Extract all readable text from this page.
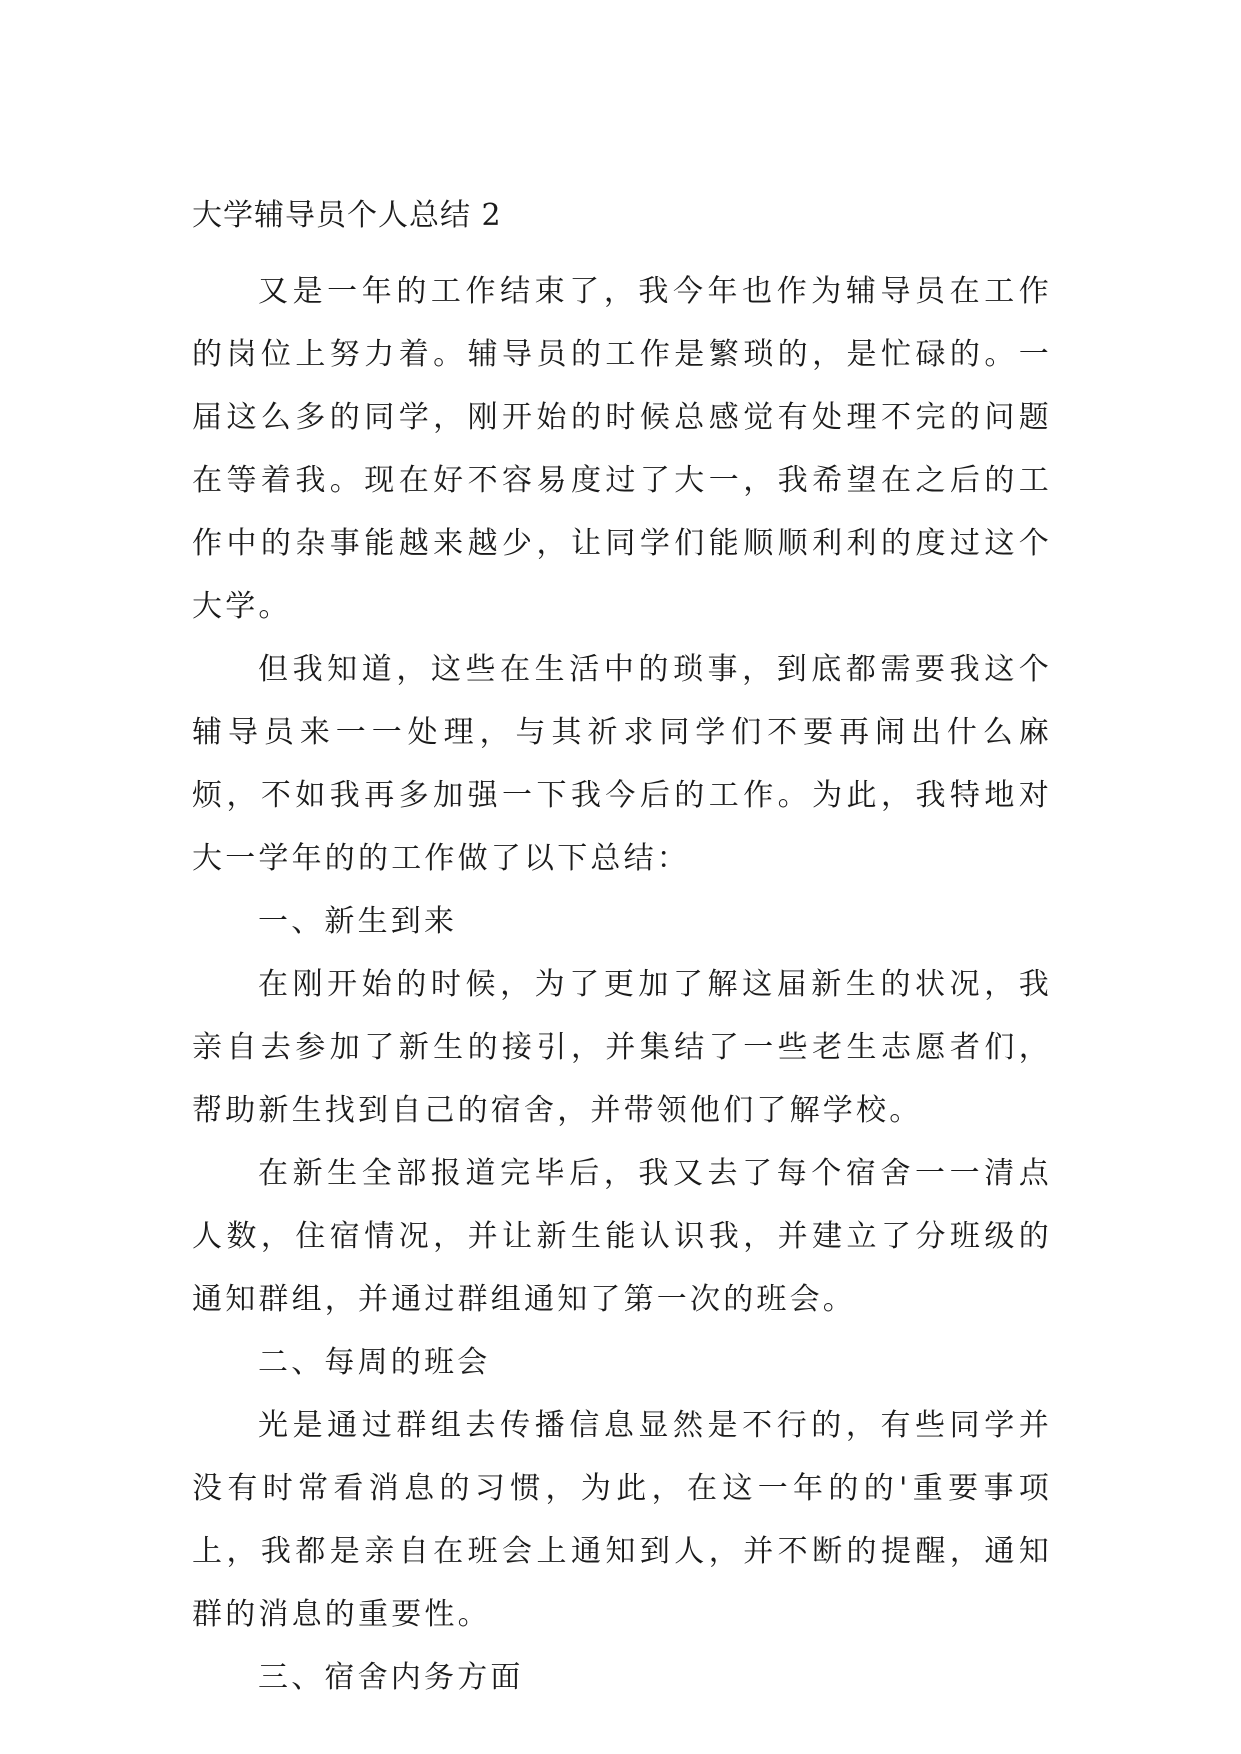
大学辅导员个人总结 2

又是一年的工作结束了，我今年也作为辅导员在工作的岗位上努力着。辅导员的工作是繁琐的，是忙碌的。一届这么多的同学，刚开始的时候总感觉有处理不完的问题在等着我。现在好不容易度过了大一，我希望在之后的工作中的杂事能越来越少，让同学们能顺顺利利的度过这个大学。

但我知道，这些在生活中的琐事，到底都需要我这个辅导员来一一处理，与其祈求同学们不要再闹出什么麻烦，不如我再多加强一下我今后的工作。为此，我特地对大一学年的的工作做了以下总结：

一、新生到来

在刚开始的时候，为了更加了解这届新生的状况，我亲自去参加了新生的接引，并集结了一些老生志愿者们，帮助新生找到自己的宿舍，并带领他们了解学校。

在新生全部报道完毕后，我又去了每个宿舍一一清点人数，住宿情况，并让新生能认识我，并建立了分班级的通知群组，并通过群组通知了第一次的班会。

二、每周的班会

光是通过群组去传播信息显然是不行的，有些同学并没有时常看消息的习惯，为此，在这一年的的'重要事项上，我都是亲自在班会上通知到人，并不断的提醒，通知群的消息的重要性。

三、宿舍内务方面
